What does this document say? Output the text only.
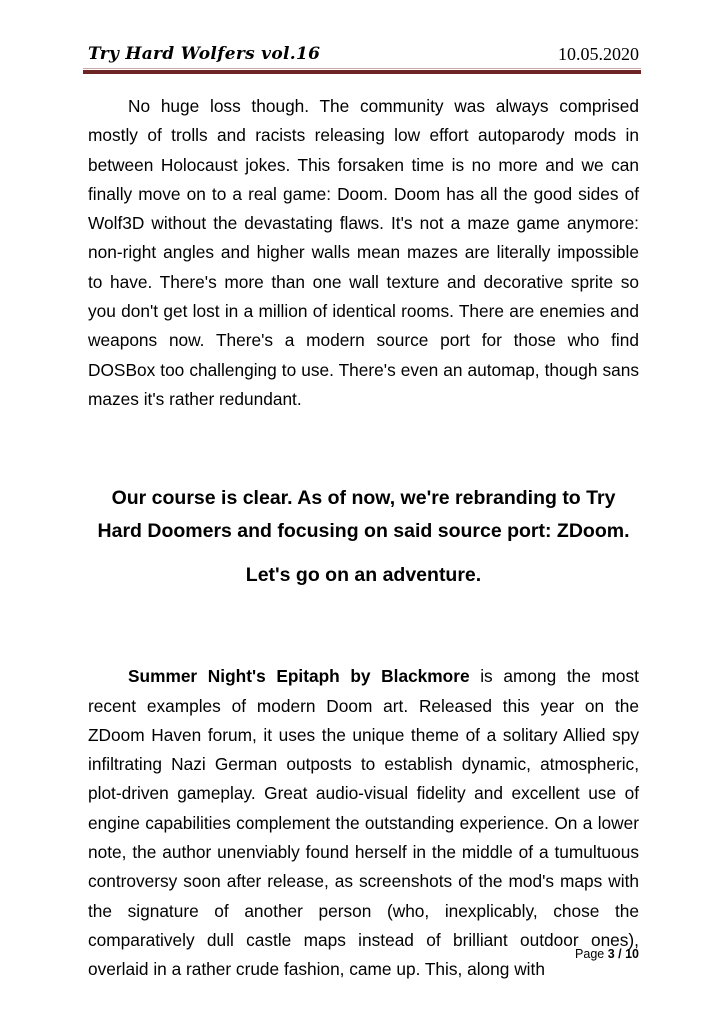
Try Hard Wolfers vol.16	10.05.2020

No huge loss though. The community was always comprised mostly of trolls and racists releasing low effort autoparody mods in between Holocaust jokes. This forsaken time is no more and we can finally move on to a real game: Doom. Doom has all the good sides of Wolf3D without the devastating flaws. It's not a maze game anymore: non-right angles and higher walls mean mazes are literally impossible to have. There's more than one wall texture and decorative sprite so you don't get lost in a million of identical rooms. There are enemies and weapons now. There's a modern source port for those who find DOSBox too challenging to use. There's even an automap, though sans mazes it's rather redundant.

Our course is clear. As of now, we're rebranding to Try Hard Doomers and focusing on said source port: ZDoom.

Let's go on an adventure.

Summer Night's Epitaph by Blackmore is among the most recent examples of modern Doom art. Released this year on the ZDoom Haven forum, it uses the unique theme of a solitary Allied spy infiltrating Nazi German outposts to establish dynamic, atmospheric, plot-driven gameplay. Great audio-visual fidelity and excellent use of engine capabilities complement the outstanding experience. On a lower note, the author unenviably found herself in the middle of a tumultuous controversy soon after release, as screenshots of the mod's maps with the signature of another person (who, inexplicably, chose the comparatively dull castle maps instead of brilliant outdoor ones), overlaid in a rather crude fashion, came up. This, along with

Page 3 / 10
